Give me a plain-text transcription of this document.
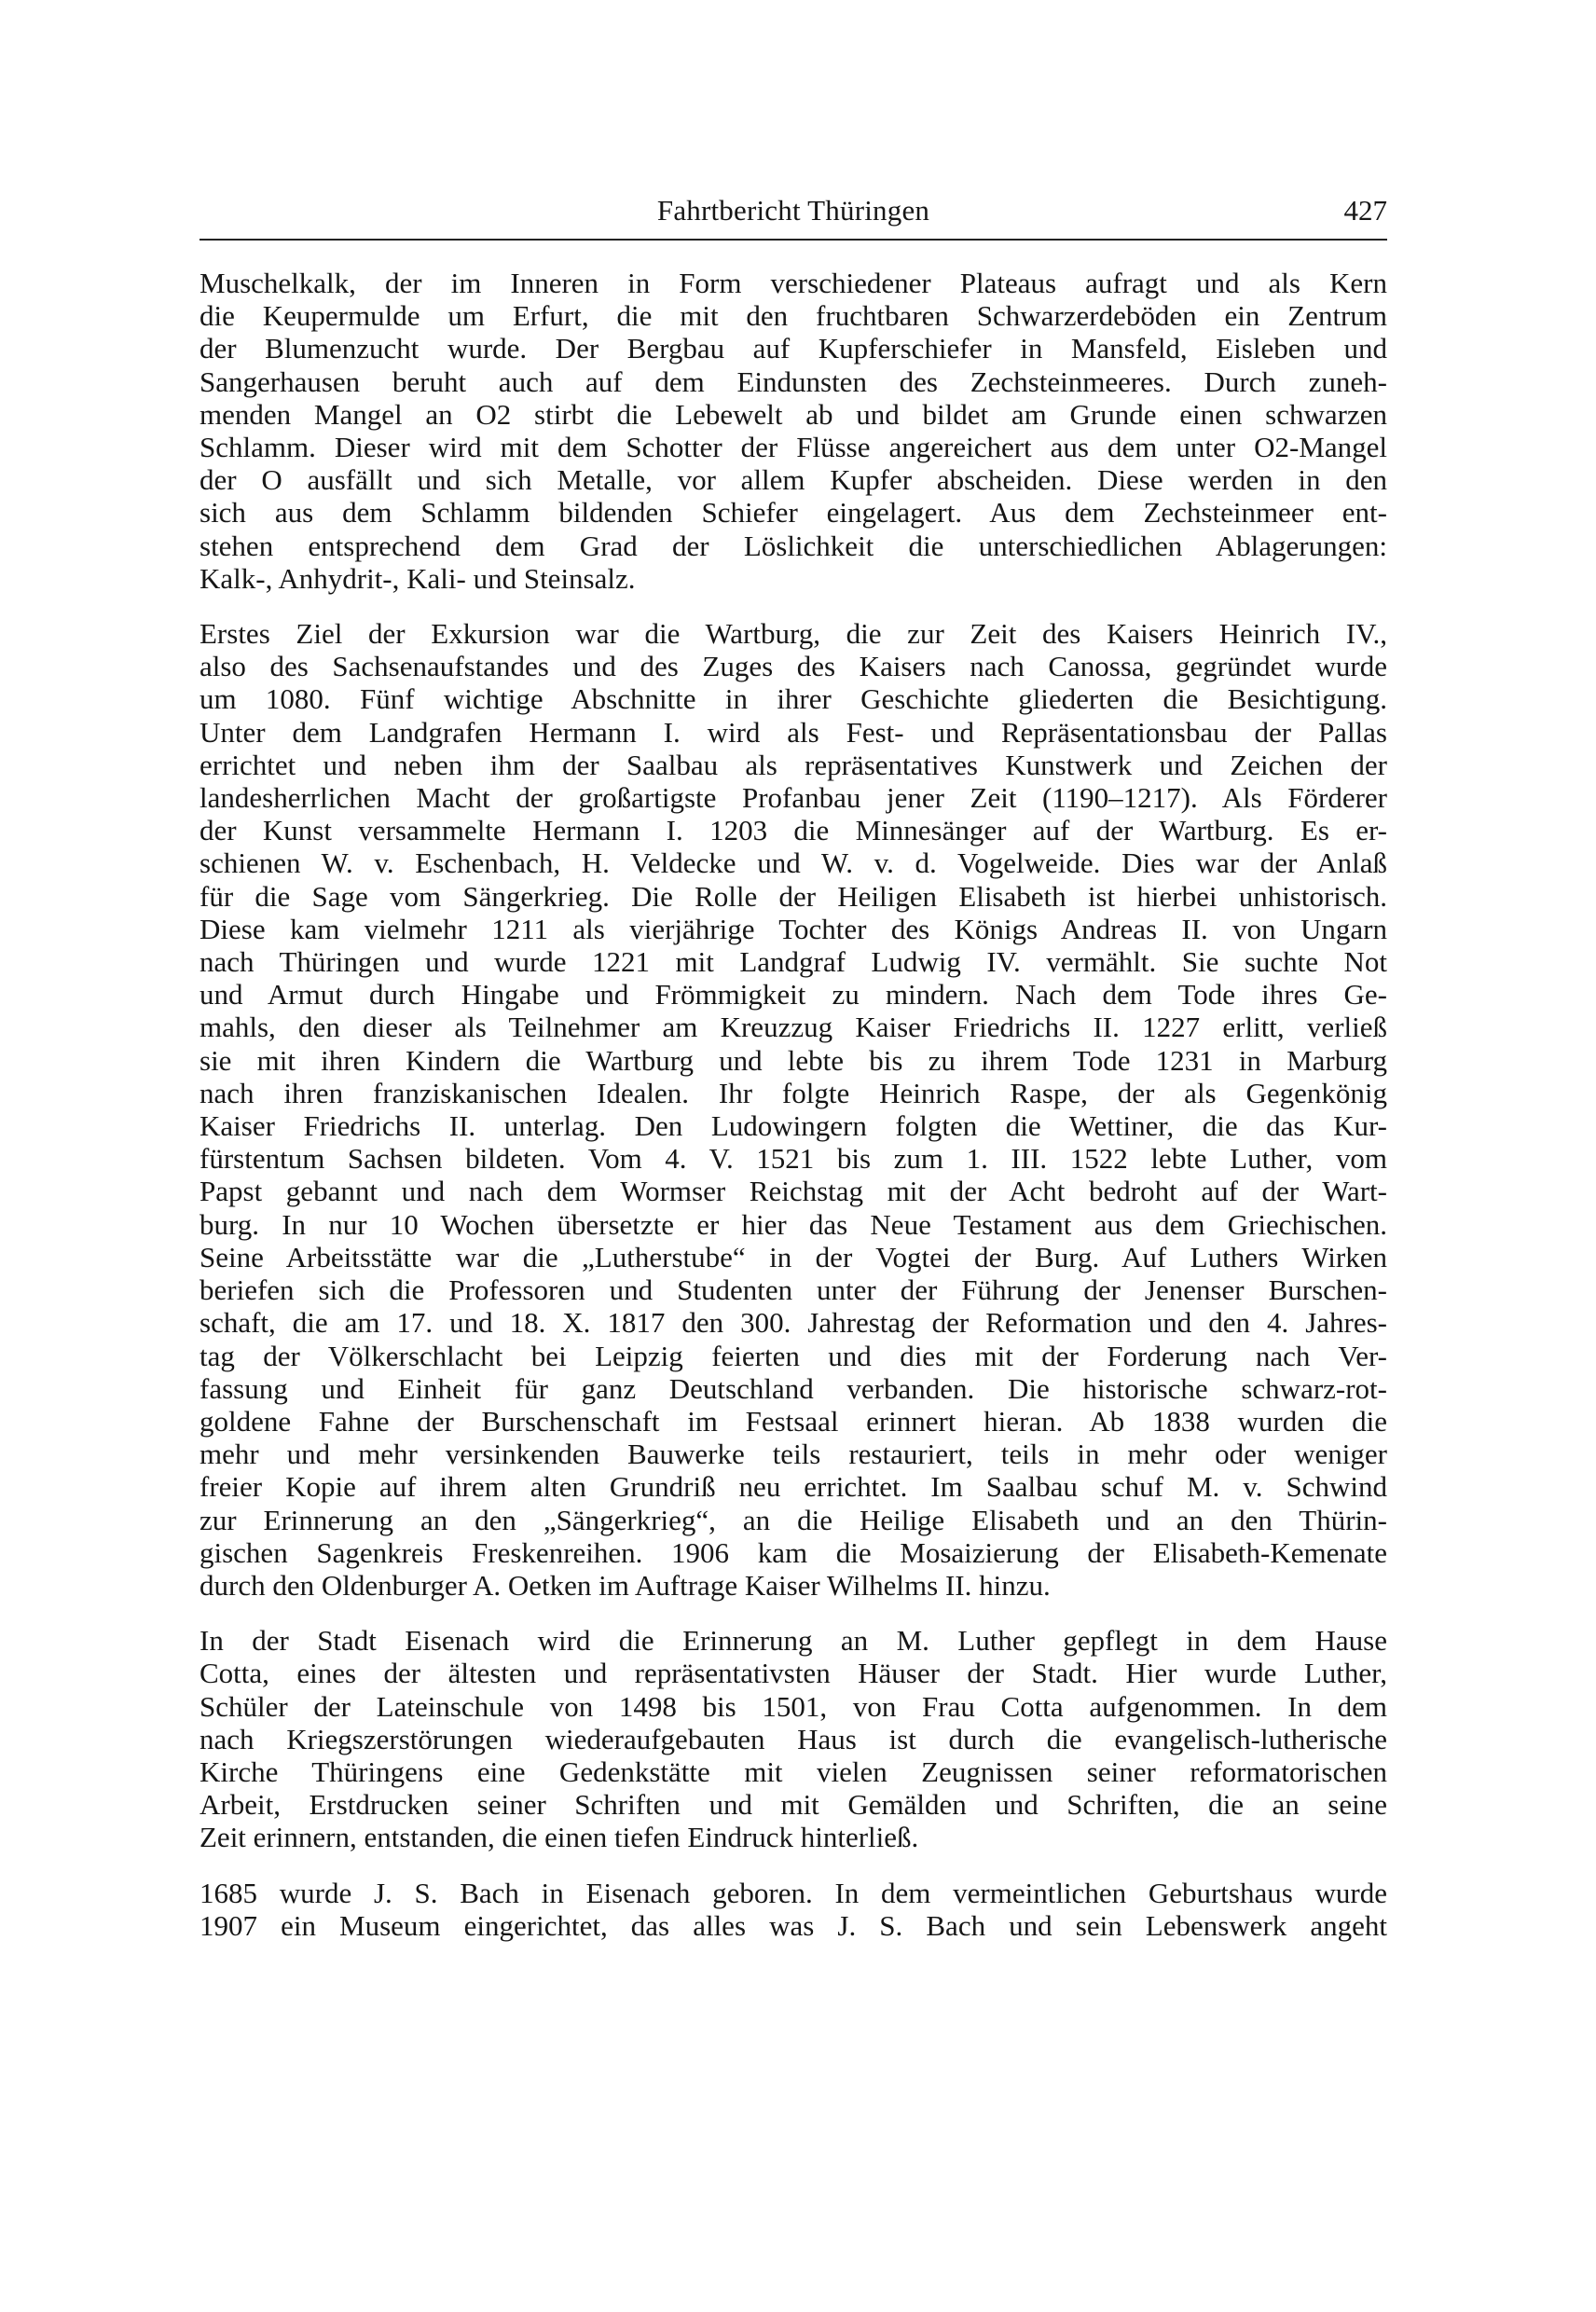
Fahrtbericht Thüringen	427

Muschelkalk, der im Inneren in Form verschiedener Plateaus aufragt und als Kern
die Keupermulde um Erfurt, die mit den fruchtbaren Schwarzerdeböden ein Zentrum
der Blumenzucht wurde. Der Bergbau auf Kupferschiefer in Mansfeld, Eisleben und
Sangerhausen beruht auch auf dem Eindunsten des Zechsteinmeeres. Durch zuneh-
menden Mangel an O2 stirbt die Lebewelt ab und bildet am Grunde einen schwarzen
Schlamm. Dieser wird mit dem Schotter der Flüsse angereichert aus dem unter O2-Mangel
der O ausfällt und sich Metalle, vor allem Kupfer abscheiden. Diese werden in den
sich aus dem Schlamm bildenden Schiefer eingelagert. Aus dem Zechsteinmeer ent-
stehen entsprechend dem Grad der Löslichkeit die unterschiedlichen Ablagerungen:
Kalk-, Anhydrit-, Kali- und Steinsalz.

Erstes Ziel der Exkursion war die Wartburg, die zur Zeit des Kaisers Heinrich IV.,
also des Sachsenaufstandes und des Zuges des Kaisers nach Canossa, gegründet wurde
um 1080. Fünf wichtige Abschnitte in ihrer Geschichte gliederten die Besichtigung.
Unter dem Landgrafen Hermann I. wird als Fest- und Repräsentationsbau der Pallas
errichtet und neben ihm der Saalbau als repräsentatives Kunstwerk und Zeichen der
landesherrlichen Macht der großartigste Profanbau jener Zeit (1190–1217). Als Förderer
der Kunst versammelte Hermann I. 1203 die Minnesänger auf der Wartburg. Es er-
schienen W. v. Eschenbach, H. Veldecke und W. v. d. Vogelweide. Dies war der Anlaß
für die Sage vom Sängerkrieg. Die Rolle der Heiligen Elisabeth ist hierbei unhistorisch.
Diese kam vielmehr 1211 als vierjährige Tochter des Königs Andreas II. von Ungarn
nach Thüringen und wurde 1221 mit Landgraf Ludwig IV. vermählt. Sie suchte Not
und Armut durch Hingabe und Frömmigkeit zu mindern. Nach dem Tode ihres Ge-
mahls, den dieser als Teilnehmer am Kreuzzug Kaiser Friedrichs II. 1227 erlitt, verließ
sie mit ihren Kindern die Wartburg und lebte bis zu ihrem Tode 1231 in Marburg
nach ihren franziskanischen Idealen. Ihr folgte Heinrich Raspe, der als Gegenkönig
Kaiser Friedrichs II. unterlag. Den Ludowingern folgten die Wettiner, die das Kur-
fürstentum Sachsen bildeten. Vom 4. V. 1521 bis zum 1. III. 1522 lebte Luther, vom
Papst gebannt und nach dem Wormser Reichstag mit der Acht bedroht auf der Wart-
burg. In nur 10 Wochen übersetzte er hier das Neue Testament aus dem Griechischen.
Seine Arbeitsstätte war die „Lutherstube“ in der Vogtei der Burg. Auf Luthers Wirken
beriefen sich die Professoren und Studenten unter der Führung der Jenenser Burschen-
schaft, die am 17. und 18. X. 1817 den 300. Jahrestag der Reformation und den 4. Jahres-
tag der Völkerschlacht bei Leipzig feierten und dies mit der Forderung nach Ver-
fassung und Einheit für ganz Deutschland verbanden. Die historische schwarz-rot-
goldene Fahne der Burschenschaft im Festsaal erinnert hieran. Ab 1838 wurden die
mehr und mehr versinkenden Bauwerke teils restauriert, teils in mehr oder weniger
freier Kopie auf ihrem alten Grundriß neu errichtet. Im Saalbau schuf M. v. Schwind
zur Erinnerung an den „Sängerkrieg“, an die Heilige Elisabeth und an den Thürin-
gischen Sagenkreis Freskenreihen. 1906 kam die Mosaizierung der Elisabeth-Kemenate
durch den Oldenburger A. Oetken im Auftrage Kaiser Wilhelms II. hinzu.

In der Stadt Eisenach wird die Erinnerung an M. Luther gepflegt in dem Hause
Cotta, eines der ältesten und repräsentativsten Häuser der Stadt. Hier wurde Luther,
Schüler der Lateinschule von 1498 bis 1501, von Frau Cotta aufgenommen. In dem
nach Kriegszerstörungen wiederaufgebauten Haus ist durch die evangelisch-lutherische
Kirche Thüringens eine Gedenkstätte mit vielen Zeugnissen seiner reformatorischen
Arbeit, Erstdrucken seiner Schriften und mit Gemälden und Schriften, die an seine
Zeit erinnern, entstanden, die einen tiefen Eindruck hinterließ.

1685 wurde J. S. Bach in Eisenach geboren. In dem vermeintlichen Geburtshaus wurde
1907 ein Museum eingerichtet, das alles was J. S. Bach und sein Lebenswerk angeht
